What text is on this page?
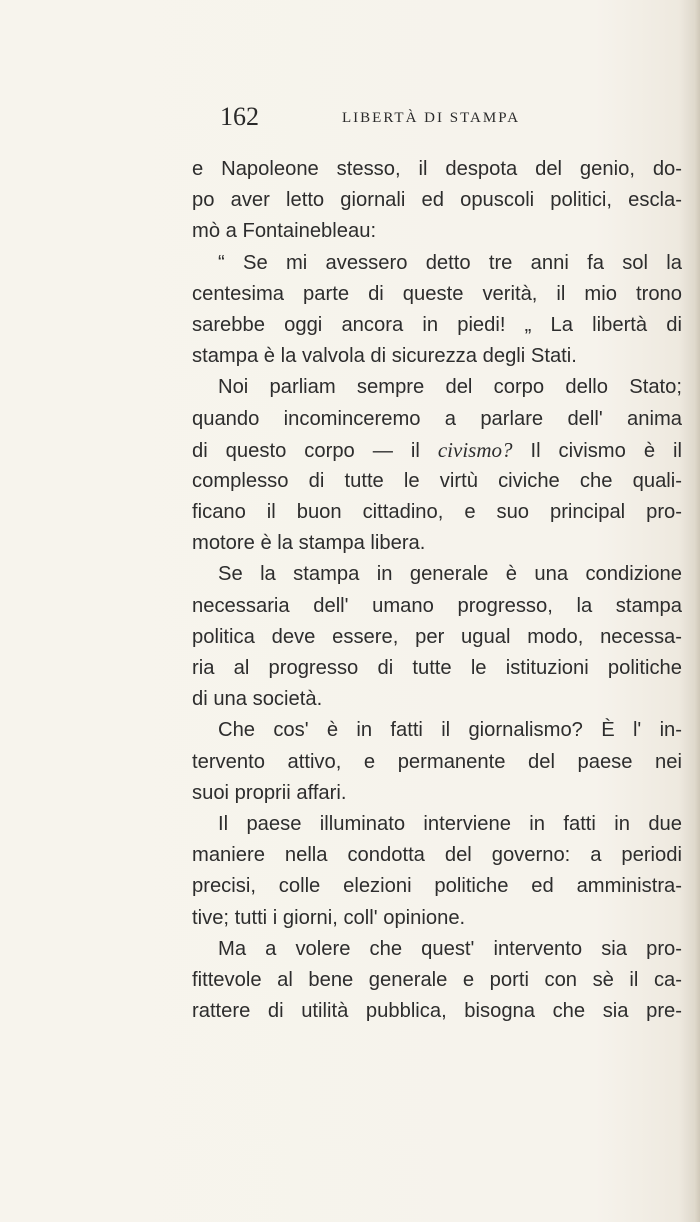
162	LIBERTÀ DI STAMPA

e Napoleone stesso, il despota del genio, do-
po aver letto giornali ed opuscoli politici, escla-
mò a Fontainebleau:

“ Se mi avessero detto tre anni fa sol la
centesima parte di queste verità, il mio trono
sarebbe oggi ancora in piedi! „ La libertà di
stampa è la valvola di sicurezza degli Stati.

Noi parliam sempre del corpo dello Stato;
quando incominceremo a parlare dell' anima
di questo corpo — il civismo? Il civismo è il
complesso di tutte le virtù civiche che quali-
ficano il buon cittadino, e suo principal pro-
motore è la stampa libera.

Se la stampa in generale è una condizione
necessaria dell' umano progresso, la stampa
politica deve essere, per ugual modo, necessa-
ria al progresso di tutte le istituzioni politiche
di una società.

Che cos' è in fatti il giornalismo? È l' in-
tervento attivo, e permanente del paese nei
suoi proprii affari.

Il paese illuminato interviene in fatti in due
maniere nella condotta del governo: a periodi
precisi, colle elezioni politiche ed amministra-
tive; tutti i giorni, coll' opinione.

Ma a volere che quest' intervento sia pro-
fittevole al bene generale e porti con sè il ca-
rattere di utilità pubblica, bisogna che sia pre-
